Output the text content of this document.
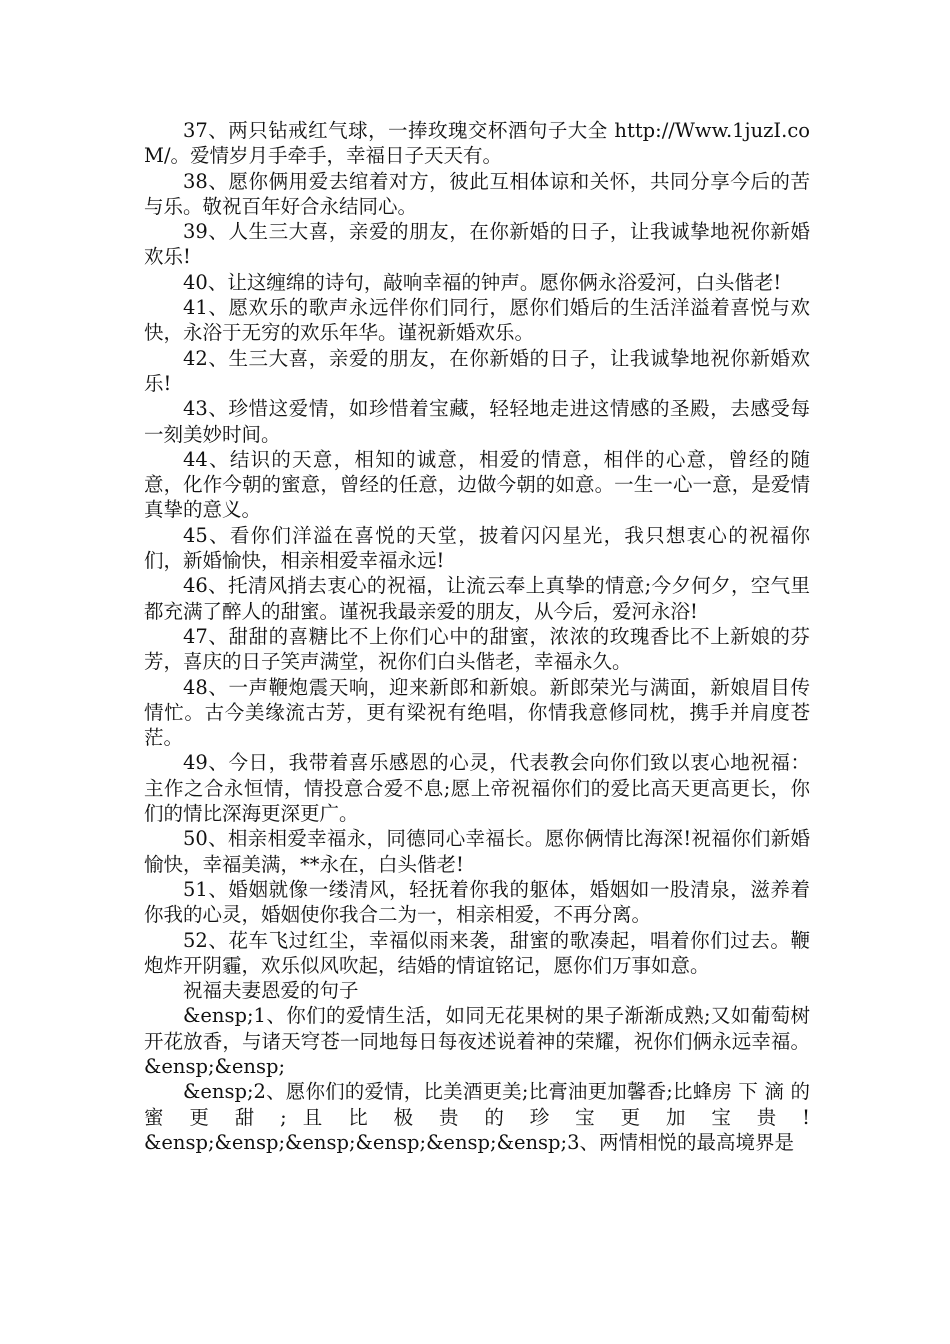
37、两只钻戒红气球，一捧玫瑰交杯酒句子大全 http://Www.1juzI.coM/。爱情岁月手牵手，幸福日子天天有。

38、愿你俩用爱去绾着对方，彼此互相体谅和关怀，共同分享今后的苦与乐。敬祝百年好合永结同心。

39、人生三大喜，亲爱的朋友，在你新婚的日子，让我诚挚地祝你新婚欢乐!

40、让这缠绵的诗句，敲响幸福的钟声。愿你俩永浴爱河，白头偕老!

41、愿欢乐的歌声永远伴你们同行，愿你们婚后的生活洋溢着喜悦与欢快，永浴于无穷的欢乐年华。谨祝新婚欢乐。

42、生三大喜，亲爱的朋友，在你新婚的日子，让我诚挚地祝你新婚欢乐!

43、珍惜这爱情，如珍惜着宝藏，轻轻地走进这情感的圣殿，去感受每一刻美妙时间。

44、结识的天意，相知的诚意，相爱的情意，相伴的心意，曾经的随意，化作今朝的蜜意，曾经的任意，边做今朝的如意。一生一心一意，是爱情真挚的意义。

45、看你们洋溢在喜悦的天堂，披着闪闪星光，我只想衷心的祝福你们，新婚愉快，相亲相爱幸福永远!

46、托清风捎去衷心的祝福，让流云奉上真挚的情意;今夕何夕，空气里都充满了醉人的甜蜜。谨祝我最亲爱的朋友，从今后，爱河永浴!

47、甜甜的喜糖比不上你们心中的甜蜜，浓浓的玫瑰香比不上新娘的芬芳，喜庆的日子笑声满堂，祝你们白头偕老，幸福永久。

48、一声鞭炮震天响，迎来新郎和新娘。新郎荣光与满面，新娘眉目传情忙。古今美缘流古芳，更有梁祝有绝唱，你情我意修同枕，携手并肩度苍茫。

49、今日，我带着喜乐感恩的心灵，代表教会向你们致以衷心地祝福：主作之合永恒情，情投意合爱不息;愿上帝祝福你们的爱比高天更高更长，你们的情比深海更深更广。

50、相亲相爱幸福永，同德同心幸福长。愿你俩情比海深!祝福你们新婚愉快，幸福美满，**永在，白头偕老!

51、婚姻就像一缕清风，轻抚着你我的躯体，婚姻如一股清泉，滋养着你我的心灵，婚姻使你我合二为一，相亲相爱，不再分离。

52、花车飞过红尘，幸福似雨来袭，甜蜜的歌凑起，唱着你们过去。鞭炮炸开阴霾，欢乐似风吹起，结婚的情谊铭记，愿你们万事如意。

祝福夫妻恩爱的句子

&ensp;1、你们的爱情生活，如同无花果树的果子渐渐成熟;又如葡萄树开花放香，与诸天穹苍一同地每日每夜述说着神的荣耀，祝你们俩永远幸福。&ensp;&ensp;

&ensp;2、愿你们的爱情，比美酒更美;比膏油更加馨香;比蜂房 下 滴 的 蜜 更 甜 ; 且 比 极 贵 的 珍 宝 更 加 宝 贵 !

&ensp;&ensp;&ensp;&ensp;&ensp;&ensp;3、两情相悦的最高境界是
